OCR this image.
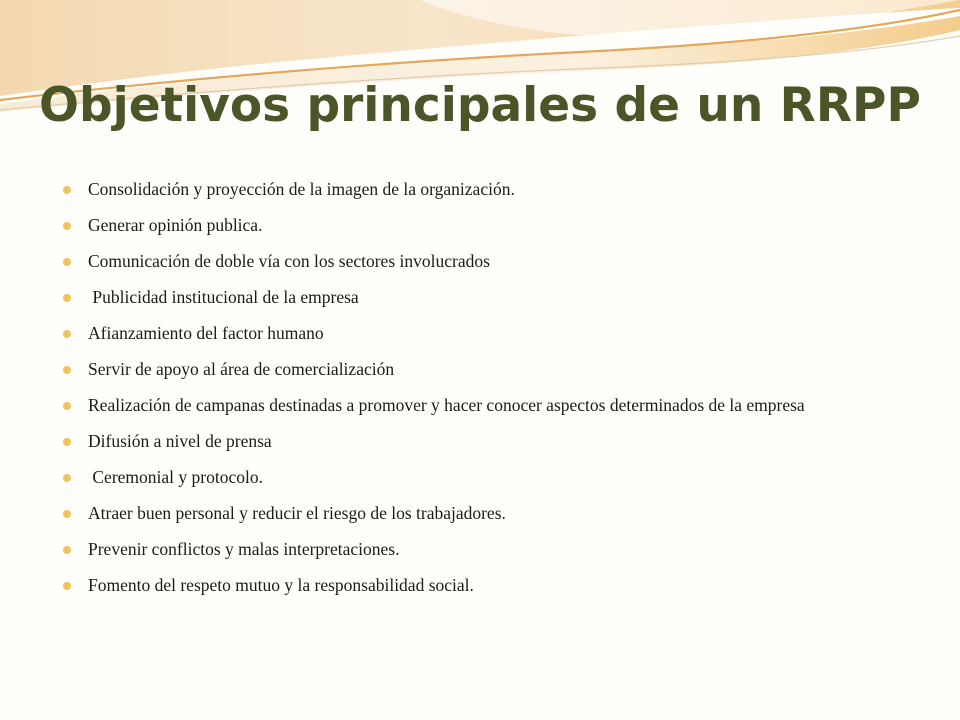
Objetivos principales de un RRPP
Consolidación y proyección de la imagen de la organización.
Generar opinión publica.
Comunicación de doble vía con los sectores involucrados
Publicidad institucional de la empresa
Afianzamiento del factor humano
Servir de apoyo al área de comercialización
Realización de campanas destinadas a promover y hacer conocer aspectos determinados de la empresa
Difusión a nivel de prensa
Ceremonial y protocolo.
Atraer buen personal y reducir el riesgo de los trabajadores.
Prevenir conflictos y malas interpretaciones.
Fomento del respeto mutuo y la responsabilidad social.
